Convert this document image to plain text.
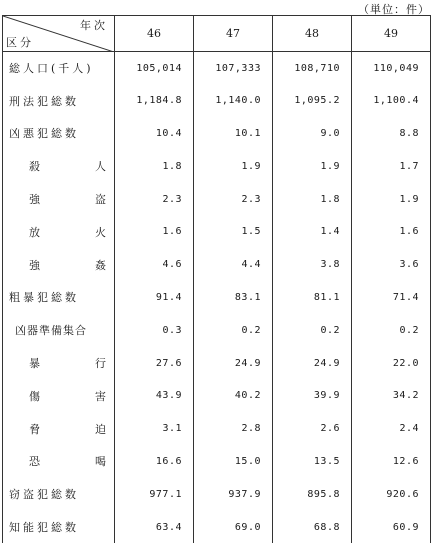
（単位：件）
年次
区分	46	47	48	49

総人口(千人)	105,014	107,333	108,710	110,049

刑法犯総数	1,184.8	1,140.0	1,095.2	1,100.4

凶悪犯総数	10.4	10.1	9.0	8.8

殺 人	1.8	1.9	1.9	1.7

強 盗	2.3	2.3	1.8	1.9

放 火	1.6	1.5	1.4	1.6

強 姦	4.6	4.4	3.8	3.6

粗暴犯総数	91.4	83.1	81.1	71.4

凶器準備集合	0.3	0.2	0.2	0.2

暴 行	27.6	24.9	24.9	22.0

傷 害	43.9	40.2	39.9	34.2

脅 迫	3.1	2.8	2.6	2.4

恐 喝	16.6	15.0	13.5	12.6

窃盗犯総数	977.1	937.9	895.8	920.6

知能犯総数	63.4	69.0	68.8	60.9
